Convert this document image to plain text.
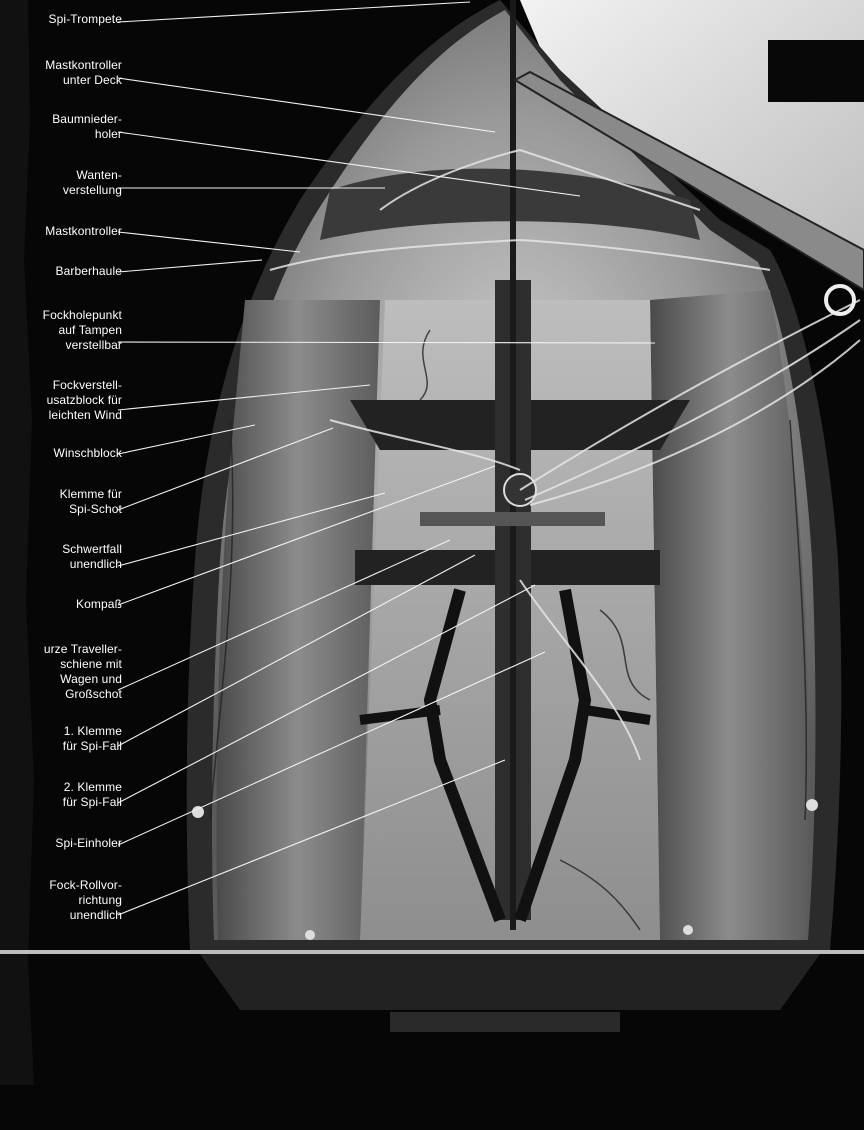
Spi-Trompete
Mastkontroller
unter Deck
Baumnieder-
holer
Wanten-
verstellung
Mastkontroller
Barberhaule
Fockholepunkt
auf Tampen
verstellbar
Fockverstell-
usatzblock für
leichten Wind
Winschblock
Klemme für
Spi-Schot
Schwertfall
unendlich
Kompaß
urze Traveller-
schiene mit
Wagen und
Großschot
1. Klemme
für Spi-Fall
2. Klemme
für Spi-Fall
Spi-Einholer
Fock-Rollvor-
richtung
unendlich
